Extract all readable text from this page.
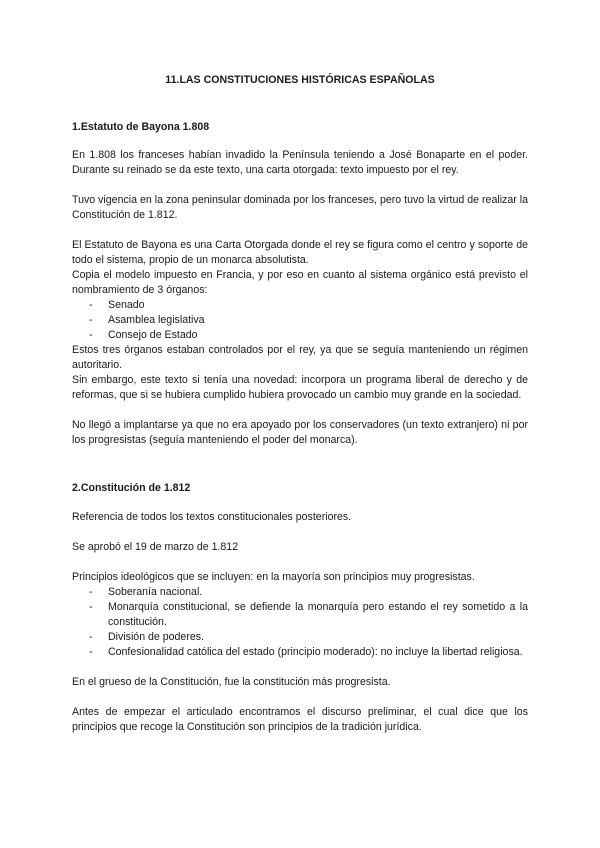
11.LAS CONSTITUCIONES HISTÓRICAS ESPAÑOLAS
1.Estatuto de Bayona 1.808

En 1.808 los franceses habían invadido la Península teniendo a José Bonaparte en el poder. Durante su reinado se da este texto, una carta otorgada: texto impuesto por el rey.

Tuvo vigencia en la zona peninsular dominada por los franceses, pero tuvo la virtud de realizar la Constitución de 1.812.

El Estatuto de Bayona es una Carta Otorgada donde el rey se figura como el centro y soporte de todo el sistema, propio de un monarca absolutista.

Copia el modelo impuesto en Francia, y por eso en cuanto al sistema orgánico está previsto el nombramiento de 3 órganos:

- Senado
- Asamblea legislativa
- Consejo de Estado

Estos tres órganos estaban controlados por el rey, ya que se seguía manteniendo un régimen autoritario.

Sin embargo, este texto si tenía una novedad: incorpora un programa liberal de derecho y de reformas, que si se hubiera cumplido hubiera provocado un cambio muy grande en la sociedad.

No llegó a implantarse ya que no era apoyado por los conservadores (un texto extranjero) ni por los progresistas (seguía manteniendo el poder del monarca).

2.Constitución de 1.812

Referencia de todos los textos constitucionales posteriores.

Se aprobó el 19 de marzo de 1.812

Principios ideológicos que se incluyen: en la mayoría son principios muy progresistas.

- Soberanía nacional.
- Monarquía constitucional, se defiende la monarquía pero estando el rey sometido a la constitución.
- División de poderes.
- Confesionalidad católica del estado (principio moderado): no incluye la libertad religiosa.

En el grueso de la Constitución, fue la constitución más progresista.

Antes de empezar el articulado encontramos el discurso preliminar, el cual dice que los principios que recoge la Constitución son principios de la tradición jurídica.
